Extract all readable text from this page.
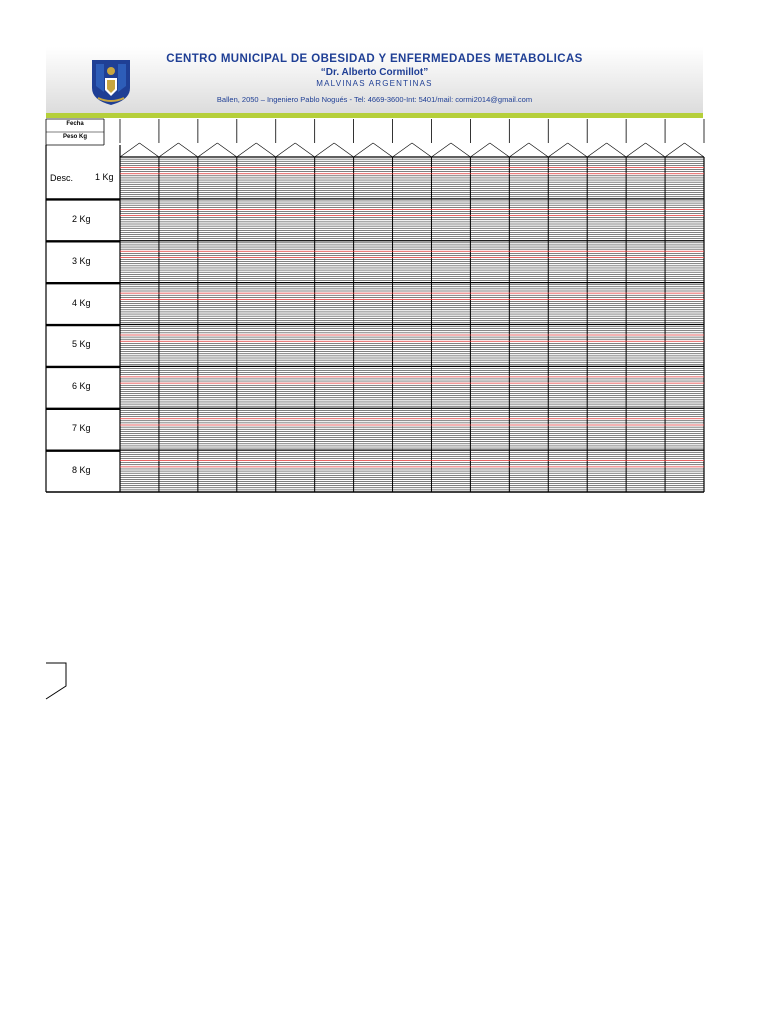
CENTRO MUNICIPAL DE OBESIDAD Y ENFERMEDADES METABOLICAS
“Dr. Alberto Cormillot”
MALVINAS ARGENTINAS
Ballen, 2050 – Ingeniero Pablo Nogués - Tel: 4669-3600-Int: 5401/mail: cormi2014@gmail.com
Fecha
Peso Kg
Desc. 1 Kg
2 Kg
3 Kg
4 Kg
5 Kg
6 Kg
7 Kg
8 Kg
